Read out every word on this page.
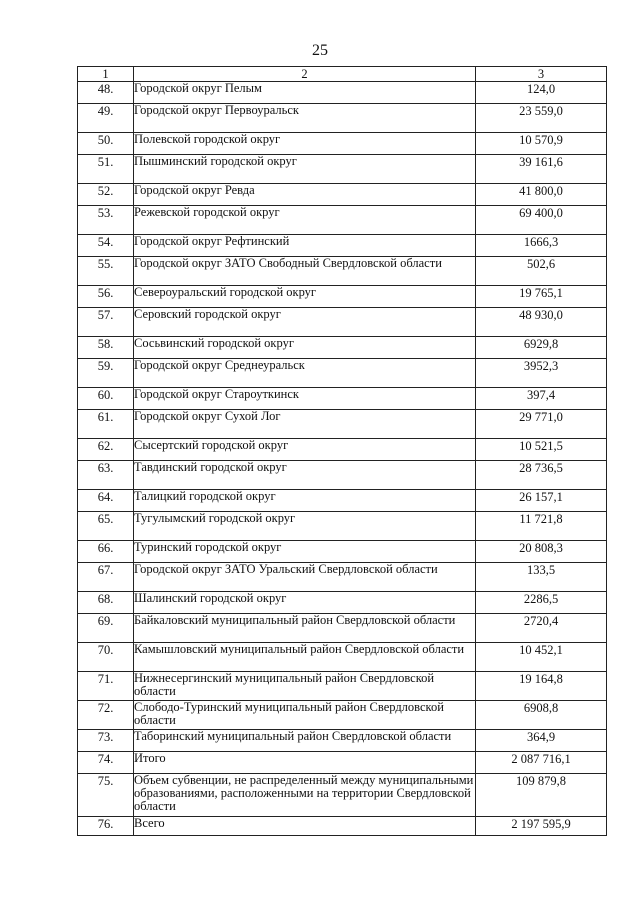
25
1	2	3
48.	Городской округ Пелым	124,0
49.	Городской округ Первоуральск	23 559,0
50.	Полевской городской округ	10 570,9
51.	Пышминский городской округ	39 161,6
52.	Городской округ Ревда	41 800,0
53.	Режевской городской округ	69 400,0
54.	Городской округ Рефтинский	1666,3
55.	Городской округ ЗАТО Свободный Свердловской области	502,6
56.	Североуральский городской округ	19 765,1
57.	Серовский городской округ	48 930,0
58.	Сосьвинский городской округ	6929,8
59.	Городской округ Среднеуральск	3952,3
60.	Городской округ Староуткинск	397,4
61.	Городской округ Сухой Лог	29 771,0
62.	Сысертский городской округ	10 521,5
63.	Тавдинский городской округ	28 736,5
64.	Талицкий городской округ	26 157,1
65.	Тугулымский городской округ	11 721,8
66.	Туринский городской округ	20 808,3
67.	Городской округ ЗАТО Уральский Свердловской области	133,5
68.	Шалинский городской округ	2286,5
69.	Байкаловский муниципальный район Свердловской области	2720,4
70.	Камышловский муниципальный район Свердловской области	10 452,1
71.	Нижнесергинский муниципальный район Свердловской области	19 164,8
72.	Слободо-Туринский муниципальный район Свердловской области	6908,8
73.	Таборинский муниципальный район Свердловской области	364,9
74.	Итого	2 087 716,1
75.	Объем субвенции, не распределенный между муниципальными образованиями, расположенными на территории Свердловской области	109 879,8
76.	Всего	2 197 595,9
